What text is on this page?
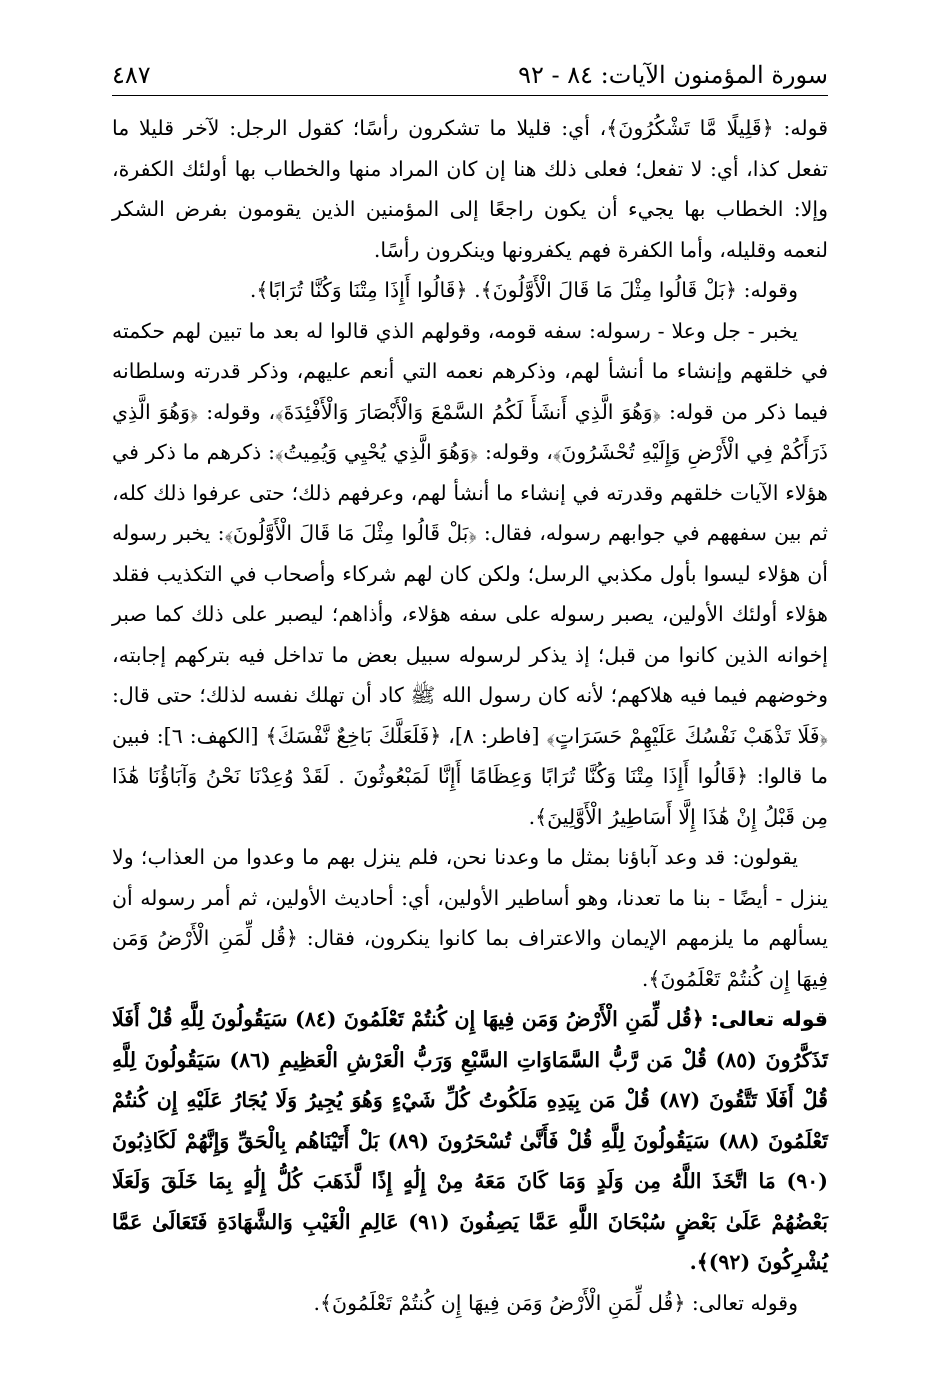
سورة المؤمنون الآيات: ٨٤ - ٩٢
٤٨٧

قوله: ﴿قَلِيلًا مَّا تَشْكُرُونَ﴾، أي: قليلا ما تشكرون رأسًا؛ كقول الرجل: لآخر قليلا ما تفعل كذا، أي: لا تفعل؛ فعلى ذلك هنا إن كان المراد منها والخطاب بها أولئك الكفرة، وإلا: الخطاب بها يجيء أن يكون راجعًا إلى المؤمنين الذين يقومون بفرض الشكر لنعمه وقليله، وأما الكفرة فهم يكفرونها وينكرون رأسًا.

وقوله: ﴿بَلْ قَالُوا مِثْلَ مَا قَالَ الْأَوَّلُونَ﴾. ﴿قَالُوا أَإِذَا مِتْنَا وَكُنَّا تُرَابًا﴾.

يخبر - جل وعلا - رسوله: سفه قومه، وقولهم الذي قالوا له بعد ما تبين لهم حكمته في خلقهم وإنشاء ما أنشأ لهم، وذكرهم نعمه التي أنعم عليهم، وذكر قدرته وسلطانه فيما ذكر من قوله: ﴿وَهُوَ الَّذِي أَنشَأَ لَكُمُ السَّمْعَ وَالْأَبْصَارَ وَالْأَفْئِدَةَ﴾، وقوله: ﴿وَهُوَ الَّذِي ذَرَأَكُمْ فِي الْأَرْضِ وَإِلَيْهِ تُحْشَرُونَ﴾، وقوله: ﴿وَهُوَ الَّذِي يُحْيِي وَيُمِيتُ﴾: ذكرهم ما ذكر في هؤلاء الآيات خلقهم وقدرته في إنشاء ما أنشأ لهم، وعرفهم ذلك؛ حتى عرفوا ذلك كله، ثم بين سفههم في جوابهم رسوله، فقال: ﴿بَلْ قَالُوا مِثْلَ مَا قَالَ الْأَوَّلُونَ﴾: يخبر رسوله أن هؤلاء ليسوا بأول مكذبي الرسل؛ ولكن كان لهم شركاء وأصحاب في التكذيب فقلد هؤلاء أولئك الأولين، يصبر رسوله على سفه هؤلاء، وأذاهم؛ ليصبر على ذلك كما صبر إخوانه الذين كانوا من قبل؛ إذ يذكر لرسوله سبيل بعض ما تداخل فيه بتركهم إجابته، وخوضهم فيما فيه هلاكهم؛ لأنه كان رسول الله ﷺ كاد أن تهلك نفسه لذلك؛ حتى قال: ﴿فَلَا تَذْهَبْ نَفْسُكَ عَلَيْهِمْ حَسَرَاتٍ﴾ [فاطر: ٨]، ﴿فَلَعَلَّكَ بَاخِعٌ نَّفْسَكَ﴾ [الكهف: ٦]: فبين ما قالوا: ﴿قَالُوا أَإِذَا مِتْنَا وَكُنَّا تُرَابًا وَعِظَامًا أَإِنَّا لَمَبْعُوثُونَ . لَقَدْ وُعِدْنَا نَحْنُ وَآبَاؤُنَا هَٰذَا مِن قَبْلُ إِنْ هَٰذَا إِلَّا أَسَاطِيرُ الْأَوَّلِينَ﴾.

يقولون: قد وعد آباؤنا بمثل ما وعدنا نحن، فلم ينزل بهم ما وعدوا من العذاب؛ ولا ينزل - أيضًا - بنا ما تعدنا، وهو أساطير الأولين، أي: أحاديث الأولين، ثم أمر رسوله أن يسألهم ما يلزمهم الإيمان والاعتراف بما كانوا ينكرون، فقال: ﴿قُل لِّمَنِ الْأَرْضُ وَمَن فِيهَا إِن كُنتُمْ تَعْلَمُونَ﴾.

قوله تعالى: ﴿قُل لِّمَنِ الْأَرْضُ وَمَن فِيهَا إِن كُنتُمْ تَعْلَمُونَ (٨٤) سَيَقُولُونَ لِلَّهِ قُلْ أَفَلَا تَذَكَّرُونَ (٨٥) قُلْ مَن رَّبُّ السَّمَاوَاتِ السَّبْعِ وَرَبُّ الْعَرْشِ الْعَظِيمِ (٨٦) سَيَقُولُونَ لِلَّهِ قُلْ أَفَلَا تَتَّقُونَ (٨٧) قُلْ مَن بِيَدِهِ مَلَكُوتُ كُلِّ شَيْءٍ وَهُوَ يُجِيرُ وَلَا يُجَارُ عَلَيْهِ إِن كُنتُمْ تَعْلَمُونَ (٨٨) سَيَقُولُونَ لِلَّهِ قُلْ فَأَنَّىٰ تُسْحَرُونَ (٨٩) بَلْ أَتَيْنَاهُم بِالْحَقِّ وَإِنَّهُمْ لَكَاذِبُونَ (٩٠) مَا اتَّخَذَ اللَّهُ مِن وَلَدٍ وَمَا كَانَ مَعَهُ مِنْ إِلَٰهٍ إِذًا لَّذَهَبَ كُلُّ إِلَٰهٍ بِمَا خَلَقَ وَلَعَلَا بَعْضُهُمْ عَلَىٰ بَعْضٍ سُبْحَانَ اللَّهِ عَمَّا يَصِفُونَ (٩١) عَالِمِ الْغَيْبِ وَالشَّهَادَةِ فَتَعَالَىٰ عَمَّا يُشْرِكُونَ (٩٢)﴾.

وقوله تعالى: ﴿قُل لِّمَنِ الْأَرْضُ وَمَن فِيهَا إِن كُنتُمْ تَعْلَمُونَ﴾.
